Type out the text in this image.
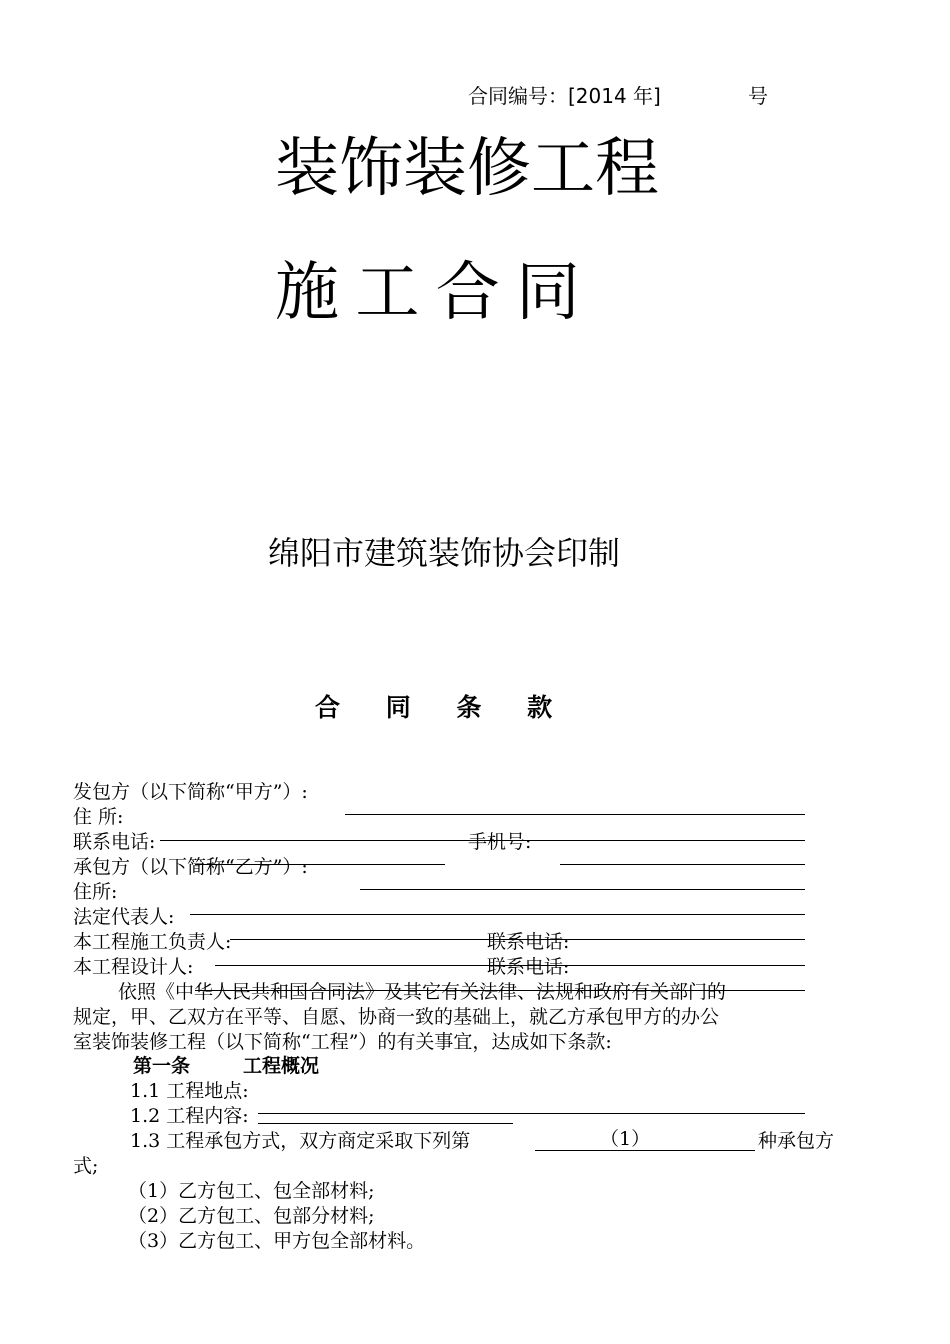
合同编号：[2014 年]	号
装饰装修工程
施 工 合 同
绵阳市建筑装饰协会印制
合　 同　 条　 款
发包方（以下简称“甲方”）:
住 所:
联系电话:	手机号:
承包方（以下简称“乙方”）:
住所:
法定代表人:
本工程施工负责人:	联系电话:
本工程设计人:	联系电话:
依照《中华人民共和国合同法》及其它有关法律、法规和政府有关部门的
规定，甲、乙双方在平等、自愿、协商一致的基础上，就乙方承包甲方的办公
室装饰装修工程（以下简称“工程”）的有关事宜，达成如下条款:
第一条	工程概况
1.1 工程地点:
1.2 工程内容:
1.3 工程承包方式，双方商定采取下列第	（1）	种承包方
式;
（1）乙方包工、包全部材料;
（2）乙方包工、包部分材料;
（3）乙方包工、甲方包全部材料。
